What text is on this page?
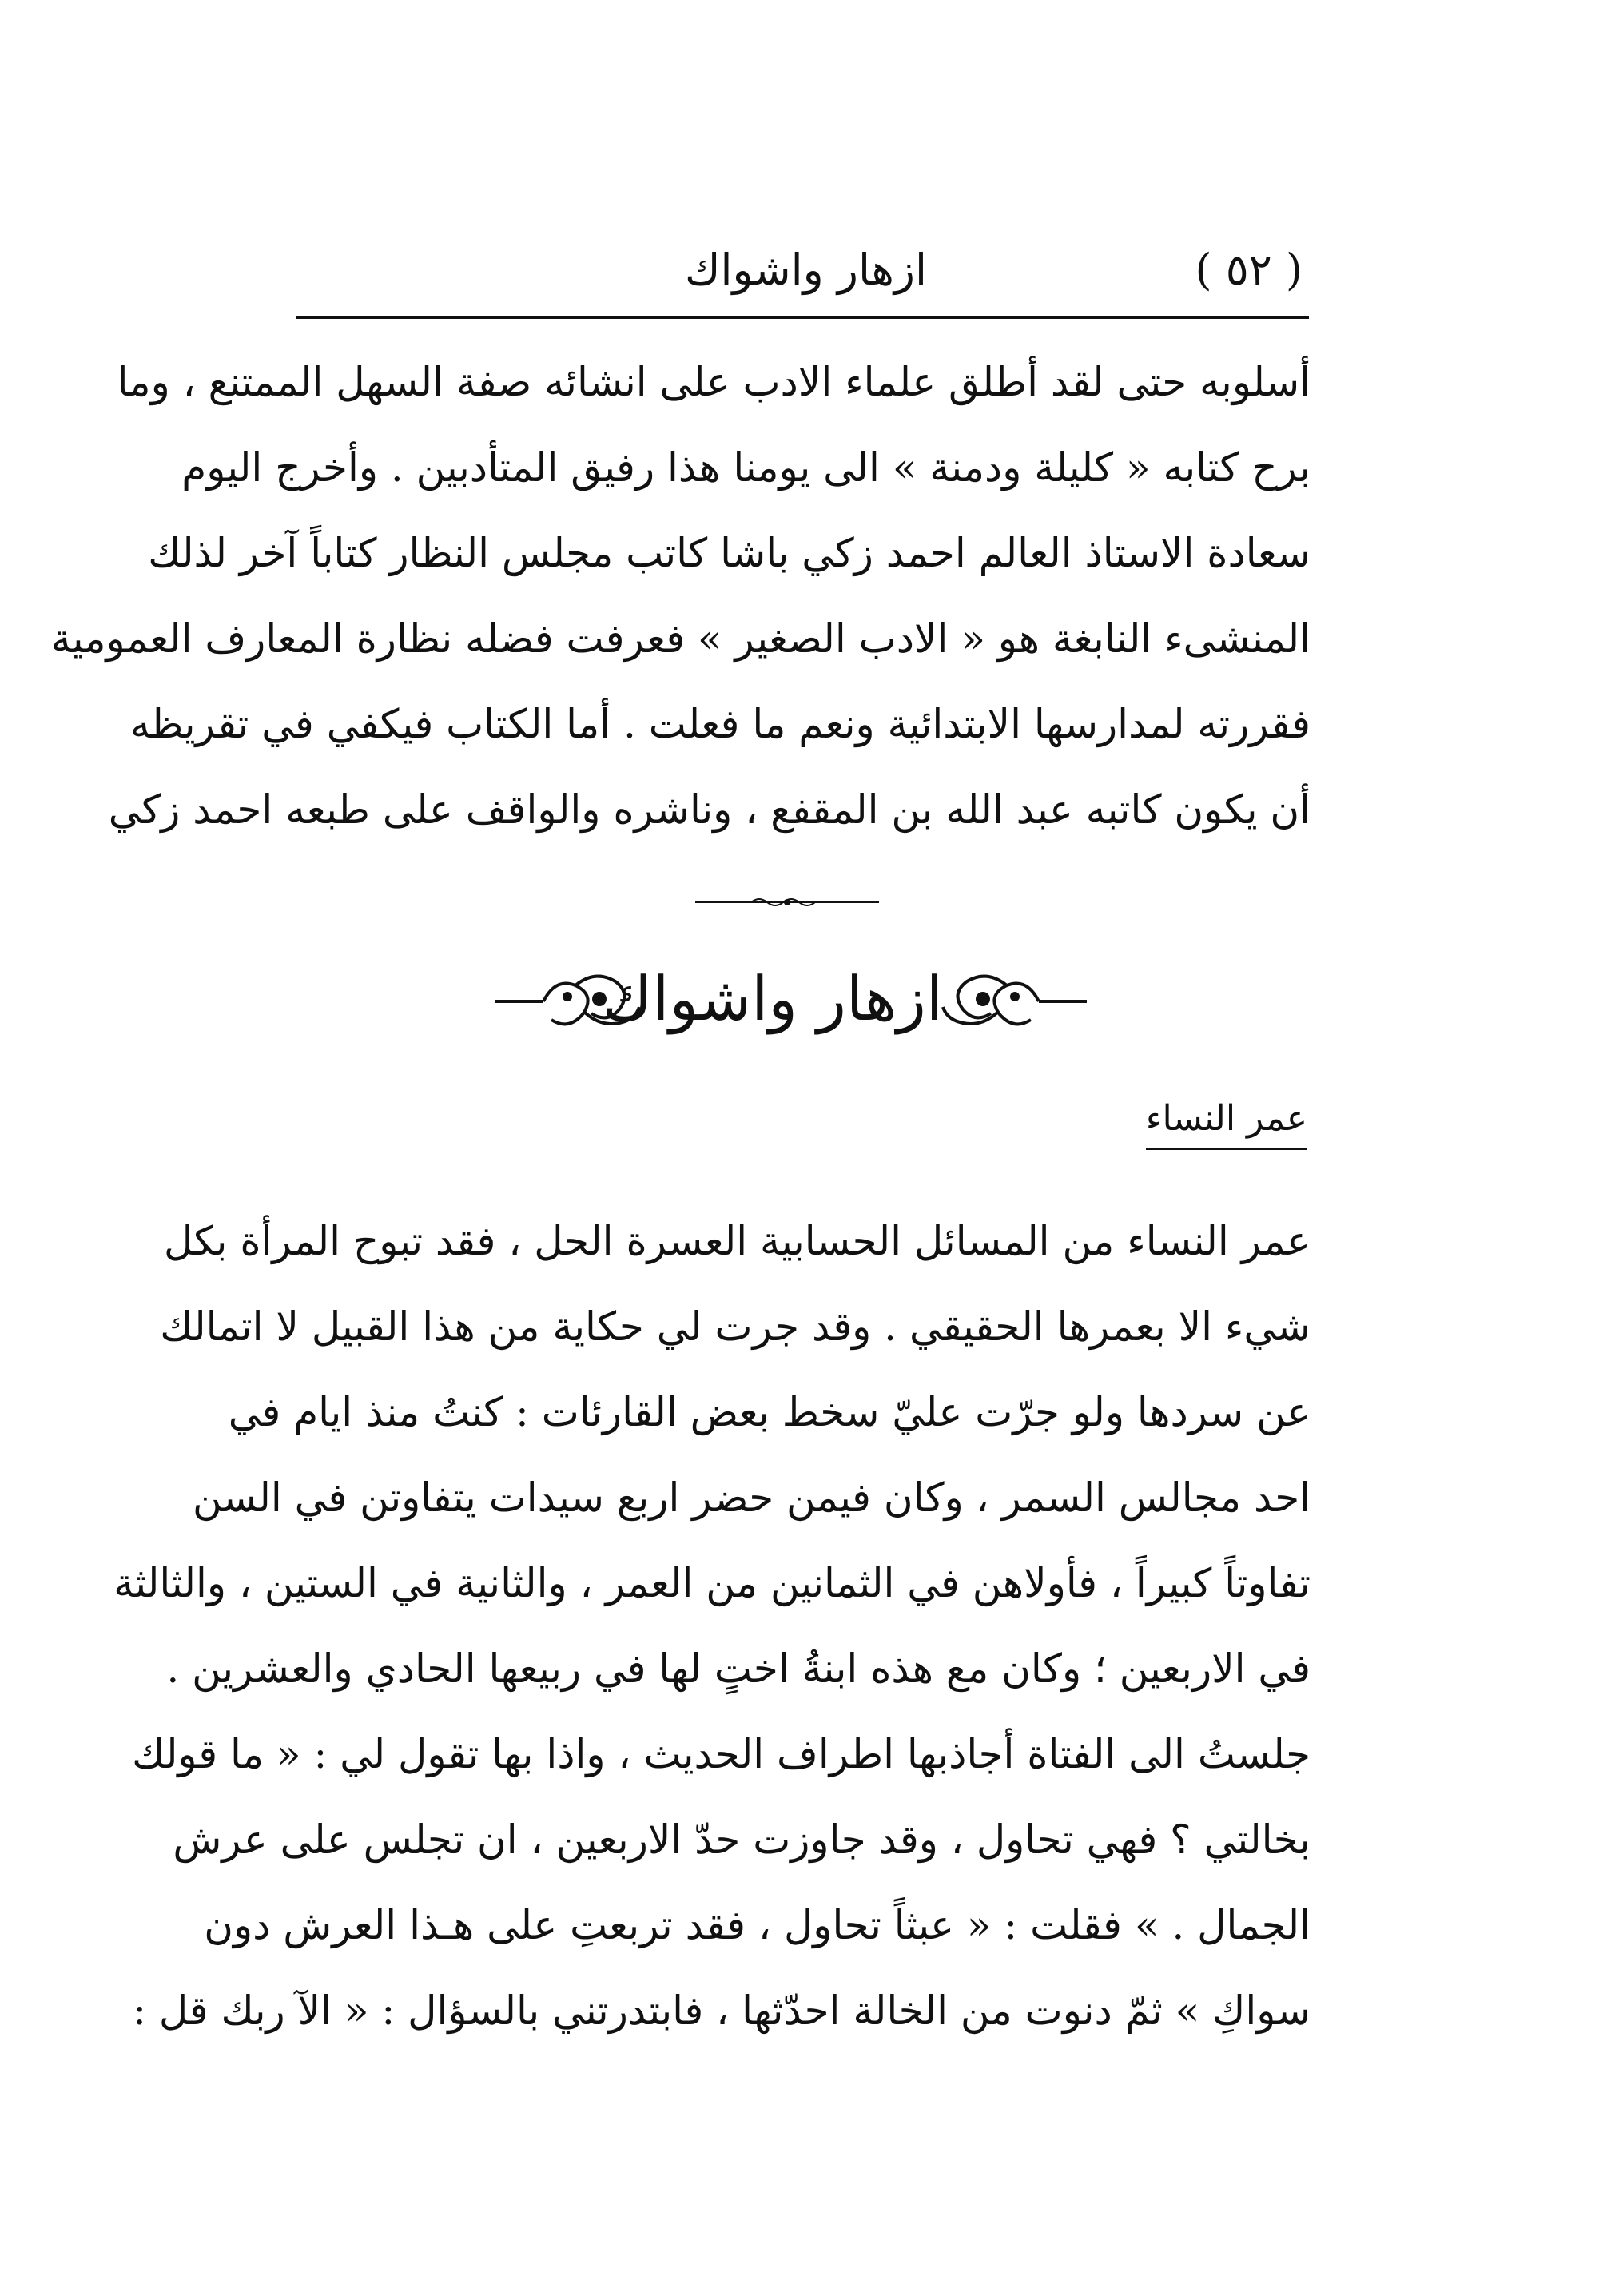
( ٥٢ )
ازهار واشواك
أسلوبه حتى لقد أطلق علماء الادب على انشائه صفة السهل الممتنع ، وما
برح كتابه « كليلة ودمنة » الى يومنا هذا رفيق المتأدبين . وأخرج اليوم
سعادة الاستاذ العالم احمد زكي باشا كاتب مجلس النظار كتاباً آخر لذلك
المنشىء النابغة هو « الادب الصغير » فعرفت فضله نظارة المعارف العمومية
فقررته لمدارسها الابتدائية ونعم ما فعلت . أما الكتاب فيكفي في تقريظه
أن يكون كاتبه عبد الله بن المقفع ، وناشره والواقف على طبعه احمد زكي
ازهار واشواك
عمر النساء
عمر النساء من المسائل الحسابية العسرة الحل ، فقد تبوح المرأة بكل
شيء الا بعمرها الحقيقي . وقد جرت لي حكاية من هذا القبيل لا اتمالك
عن سردها ولو جرّت عليّ سخط بعض القارئات : كنتُ منذ ايام في
احد مجالس السمر ، وكان فيمن حضر اربع سيدات يتفاوتن في السن
تفاوتاً كبيراً ، فأولاهن في الثمانين من العمر ، والثانية في الستين ، والثالثة
في الاربعين ؛ وكان مع هذه ابنةُ اختٍ لها في ربيعها الحادي والعشرين .
جلستُ الى الفتاة أجاذبها اطراف الحديث ، واذا بها تقول لي : « ما قولك
بخالتي ؟ فهي تحاول ، وقد جاوزت حدّ الاربعين ، ان تجلس على عرش
الجمال . » فقلت : « عبثاً تحاول ، فقد تربعتِ على هـذا العرش دون
سواكِ » ثمّ دنوت من الخالة احدّثها ، فابتدرتني بالسؤال : « الآ ربك قل :
